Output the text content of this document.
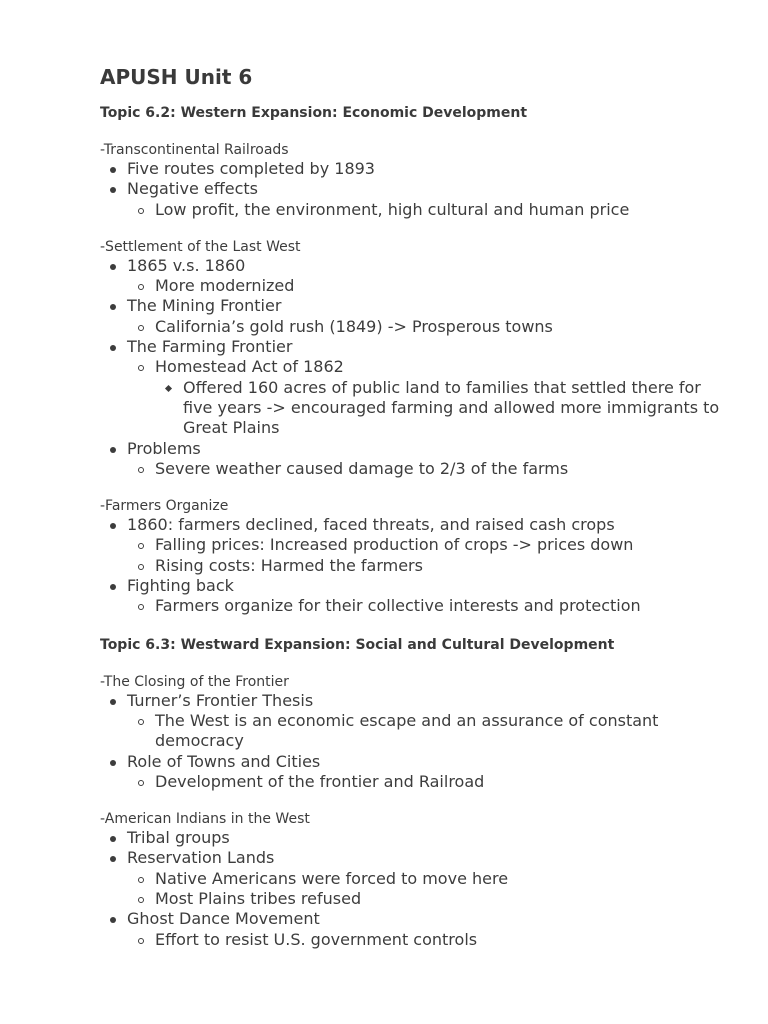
APUSH Unit 6
Topic 6.2: Western Expansion: Economic Development
-Transcontinental Railroads
Five routes completed by 1893
Negative effects
Low profit, the environment, high cultural and human price
-Settlement of the Last West
1865 v.s. 1860
More modernized
The Mining Frontier
California’s gold rush (1849) -> Prosperous towns
The Farming Frontier
Homestead Act of 1862
Offered 160 acres of public land to families that settled there for five years -> encouraged farming and allowed more immigrants to Great Plains
Problems
Severe weather caused damage to 2/3 of the farms
-Farmers Organize
1860: farmers declined, faced threats, and raised cash crops
Falling prices: Increased production of crops -> prices down
Rising costs: Harmed the farmers
Fighting back
Farmers organize for their collective interests and protection
Topic 6.3: Westward Expansion: Social and Cultural Development
-The Closing of the Frontier
Turner’s Frontier Thesis
The West is an economic escape and an assurance of constant democracy
Role of Towns and Cities
Development of the frontier and Railroad
-American Indians in the West
Tribal groups
Reservation Lands
Native Americans were forced to move here
Most Plains tribes refused
Ghost Dance Movement
Effort to resist U.S. government controls
